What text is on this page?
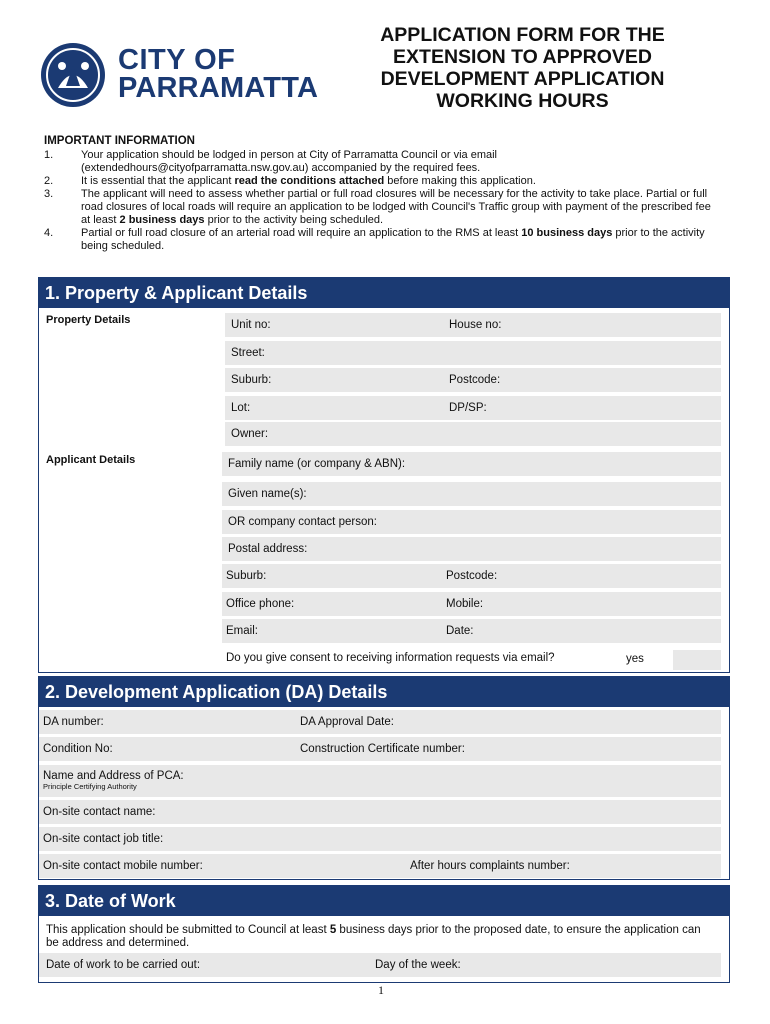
CITY OF
PARRAMATTA
APPLICATION FORM FOR THE
EXTENSION TO APPROVED
DEVELOPMENT APPLICATION
WORKING HOURS
IMPORTANT INFORMATION
1.	Your application should be lodged in person at City of Parramatta Council or via email (extendedhours@cityofparramatta.nsw.gov.au) accompanied by the required fees.
2.	It is essential that the applicant read the conditions attached before making this application.
3.	The applicant will need to assess whether partial or full road closures will be necessary for the activity to take place. Partial or full road closures of local roads will require an application to be lodged with Council's Traffic group with payment of the prescribed fee at least 2 business days prior to the activity being scheduled.
4.	Partial or full road closure of an arterial road will require an application to the RMS at least 10 business days prior to the activity being scheduled.
1. Property & Applicant Details
Property Details	Unit no:	House no:
Street:
Suburb:	Postcode:
Lot:	DP/SP:
Owner:
Applicant Details	Family name (or company & ABN):
Given name(s):
OR company contact person:
Postal address:
Suburb:	Postcode:
Office phone:	Mobile:
Email:	Date:
Do you give consent to receiving information requests via email?	yes
2. Development Application (DA) Details
DA number:	DA Approval Date:
Condition No:	Construction Certificate number:
Name and Address of PCA:
Principle Certifying Authority
On-site contact name:
On-site contact job title:
On-site contact mobile number:	After hours complaints number:
3. Date of Work
This application should be submitted to Council at least 5 business days prior to the proposed date, to ensure the application can be address and determined.
Date of work to be carried out:	Day of the week:
1
